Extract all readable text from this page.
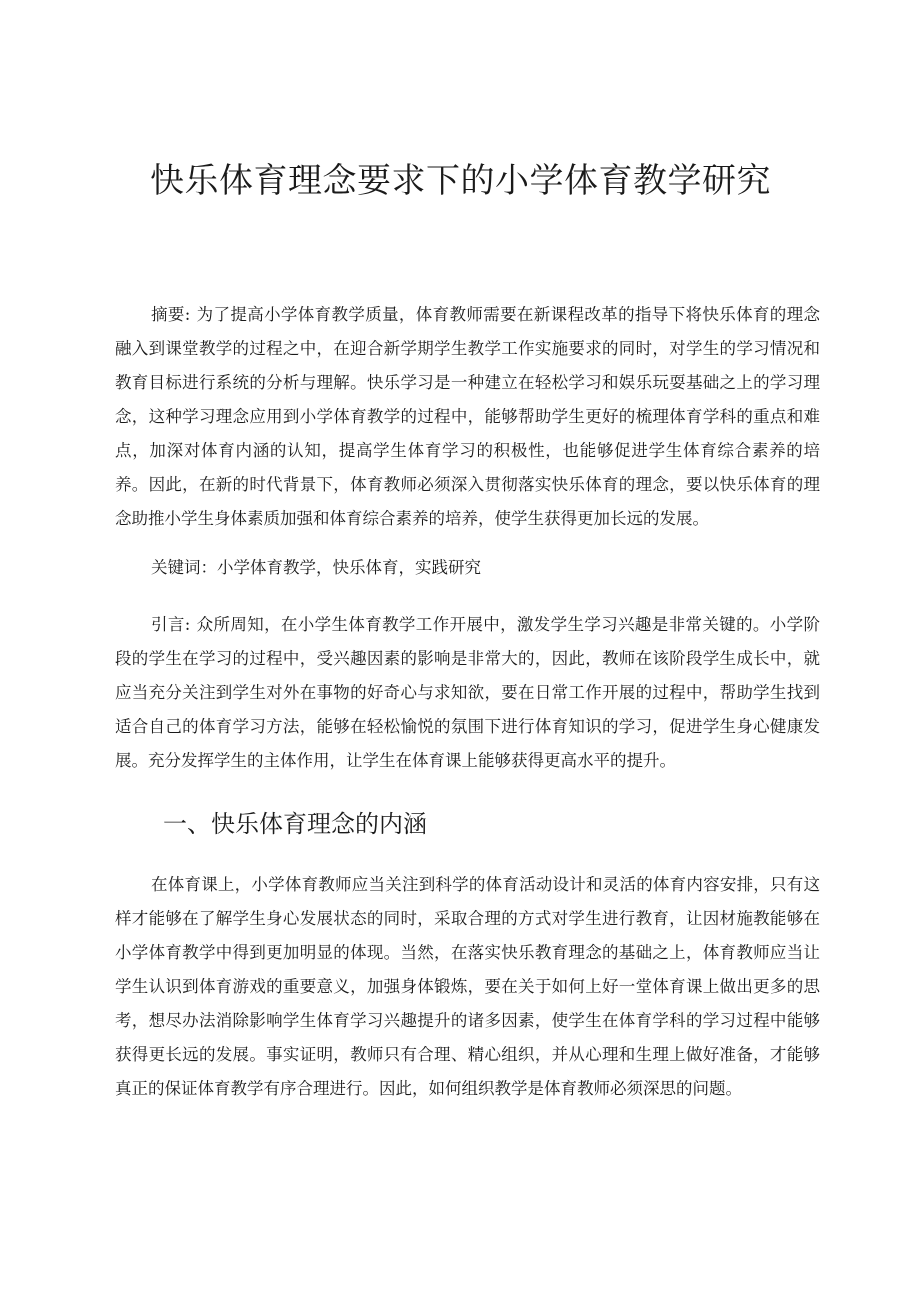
快乐体育理念要求下的小学体育教学研究

摘要: 为了提高小学体育教学质量，体育教师需要在新课程改革的指导下将快乐体育的理念融入到课堂教学的过程之中，在迎合新学期学生教学工作实施要求的同时，对学生的学习情况和教育目标进行系统的分析与理解。快乐学习是一种建立在轻松学习和娱乐玩耍基础之上的学习理念，这种学习理念应用到小学体育教学的过程中，能够帮助学生更好的梳理体育学科的重点和难点，加深对体育内涵的认知，提高学生体育学习的积极性，也能够促进学生体育综合素养的培养。因此，在新的时代背景下，体育教师必须深入贯彻落实快乐体育的理念，要以快乐体育的理念助推小学生身体素质加强和体育综合素养的培养，使学生获得更加长远的发展。

关键词：小学体育教学，快乐体育，实践研究

引言: 众所周知，在小学生体育教学工作开展中，激发学生学习兴趣是非常关键的。小学阶段的学生在学习的过程中，受兴趣因素的影响是非常大的，因此，教师在该阶段学生成长中，就应当充分关注到学生对外在事物的好奇心与求知欲，要在日常工作开展的过程中，帮助学生找到适合自己的体育学习方法，能够在轻松愉悦的氛围下进行体育知识的学习，促进学生身心健康发展。充分发挥学生的主体作用，让学生在体育课上能够获得更高水平的提升。

一、快乐体育理念的内涵

在体育课上，小学体育教师应当关注到科学的体育活动设计和灵活的体育内容安排，只有这样才能够在了解学生身心发展状态的同时，采取合理的方式对学生进行教育，让因材施教能够在小学体育教学中得到更加明显的体现。当然，在落实快乐教育理念的基础之上，体育教师应当让学生认识到体育游戏的重要意义，加强身体锻炼，要在关于如何上好一堂体育课上做出更多的思考，想尽办法消除影响学生体育学习兴趣提升的诸多因素，使学生在体育学科的学习过程中能够获得更长远的发展。事实证明，教师只有合理、精心组织，并从心理和生理上做好准备，才能够真正的保证体育教学有序合理进行。因此，如何组织教学是体育教师必须深思的问题。
